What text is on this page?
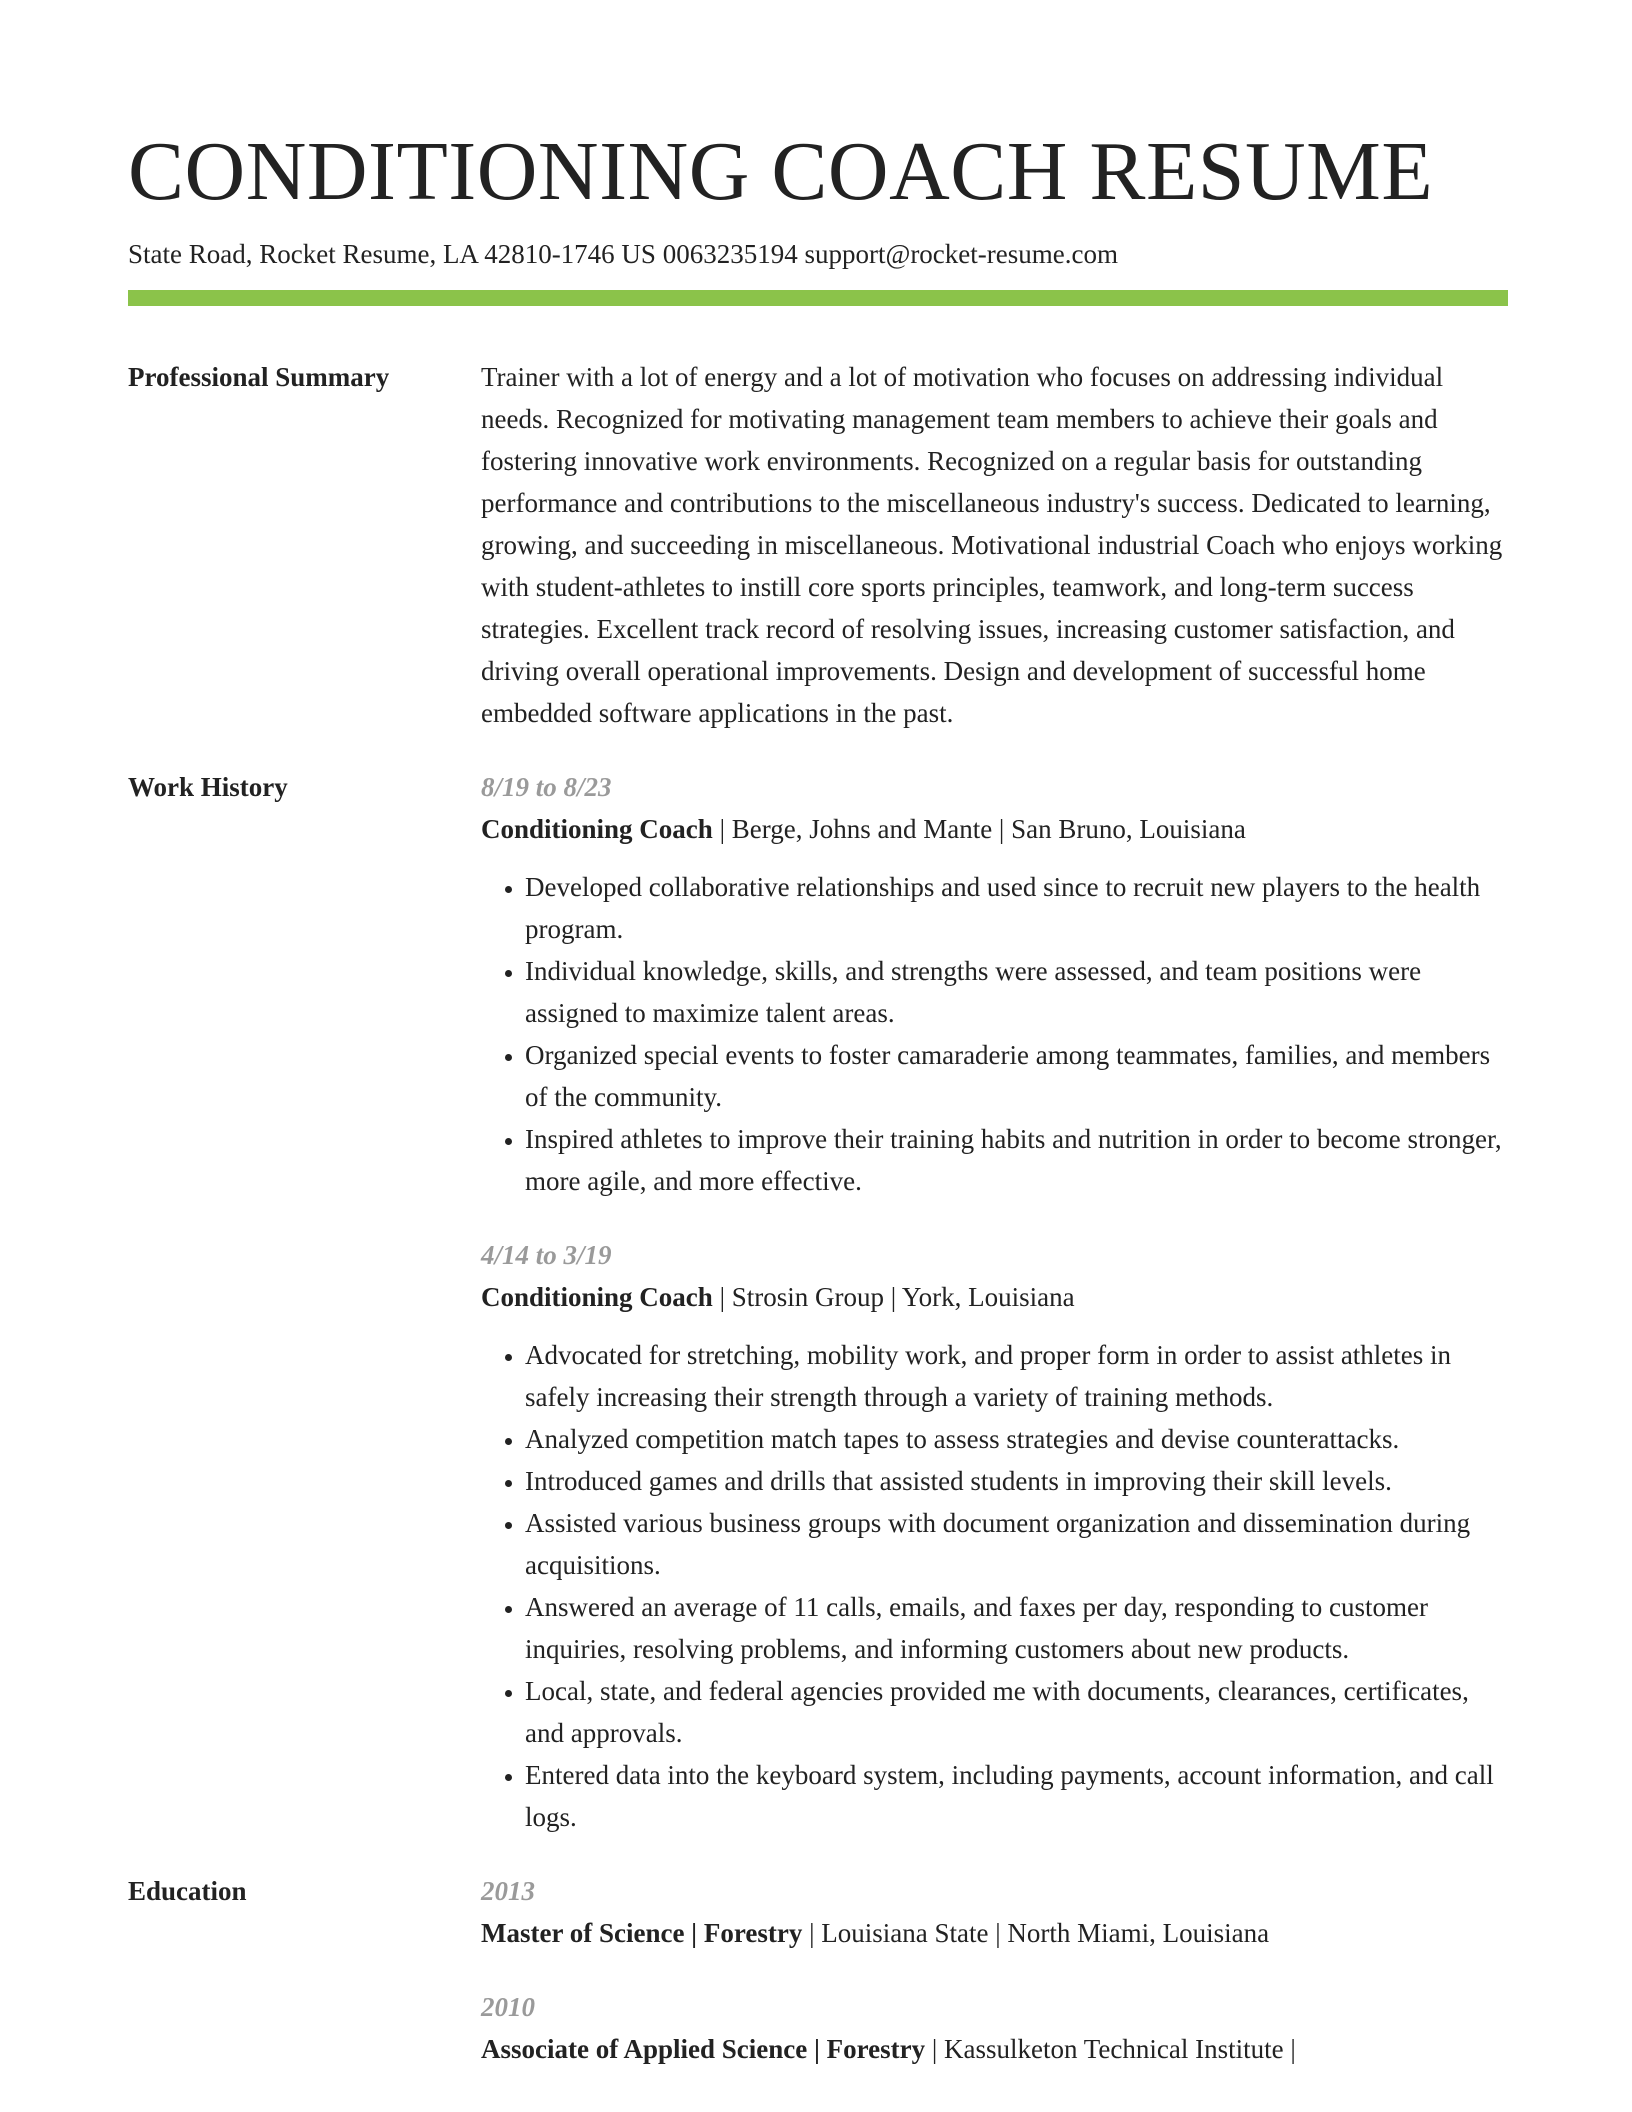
CONDITIONING COACH RESUME
State Road, Rocket Resume, LA 42810-1746 US 0063235194 support@rocket-resume.com
Professional Summary	Trainer with a lot of energy and a lot of motivation who focuses on addressing individual needs. Recognized for motivating management team members to achieve their goals and fostering innovative work environments. Recognized on a regular basis for outstanding performance and contributions to the miscellaneous industry's success. Dedicated to learning, growing, and succeeding in miscellaneous. Motivational industrial Coach who enjoys working with student-athletes to instill core sports principles, teamwork, and long-term success strategies. Excellent track record of resolving issues, increasing customer satisfaction, and driving overall operational improvements. Design and development of successful home embedded software applications in the past.

Work History	8/19 to 8/23
Conditioning Coach | Berge, Johns and Mante | San Bruno, Louisiana
• Developed collaborative relationships and used since to recruit new players to the health program.
• Individual knowledge, skills, and strengths were assessed, and team positions were assigned to maximize talent areas.
• Organized special events to foster camaraderie among teammates, families, and members of the community.
• Inspired athletes to improve their training habits and nutrition in order to become stronger, more agile, and more effective.
4/14 to 3/19
Conditioning Coach | Strosin Group | York, Louisiana
• Advocated for stretching, mobility work, and proper form in order to assist athletes in safely increasing their strength through a variety of training methods.
• Analyzed competition match tapes to assess strategies and devise counterattacks.
• Introduced games and drills that assisted students in improving their skill levels.
• Assisted various business groups with document organization and dissemination during acquisitions.
• Answered an average of 11 calls, emails, and faxes per day, responding to customer inquiries, resolving problems, and informing customers about new products.
• Local, state, and federal agencies provided me with documents, clearances, certificates, and approvals.
• Entered data into the keyboard system, including payments, account information, and call logs.
Education	2013
Master of Science | Forestry | Louisiana State | North Miami, Louisiana
2010
Associate of Applied Science | Forestry | Kassulketon Technical Institute |
